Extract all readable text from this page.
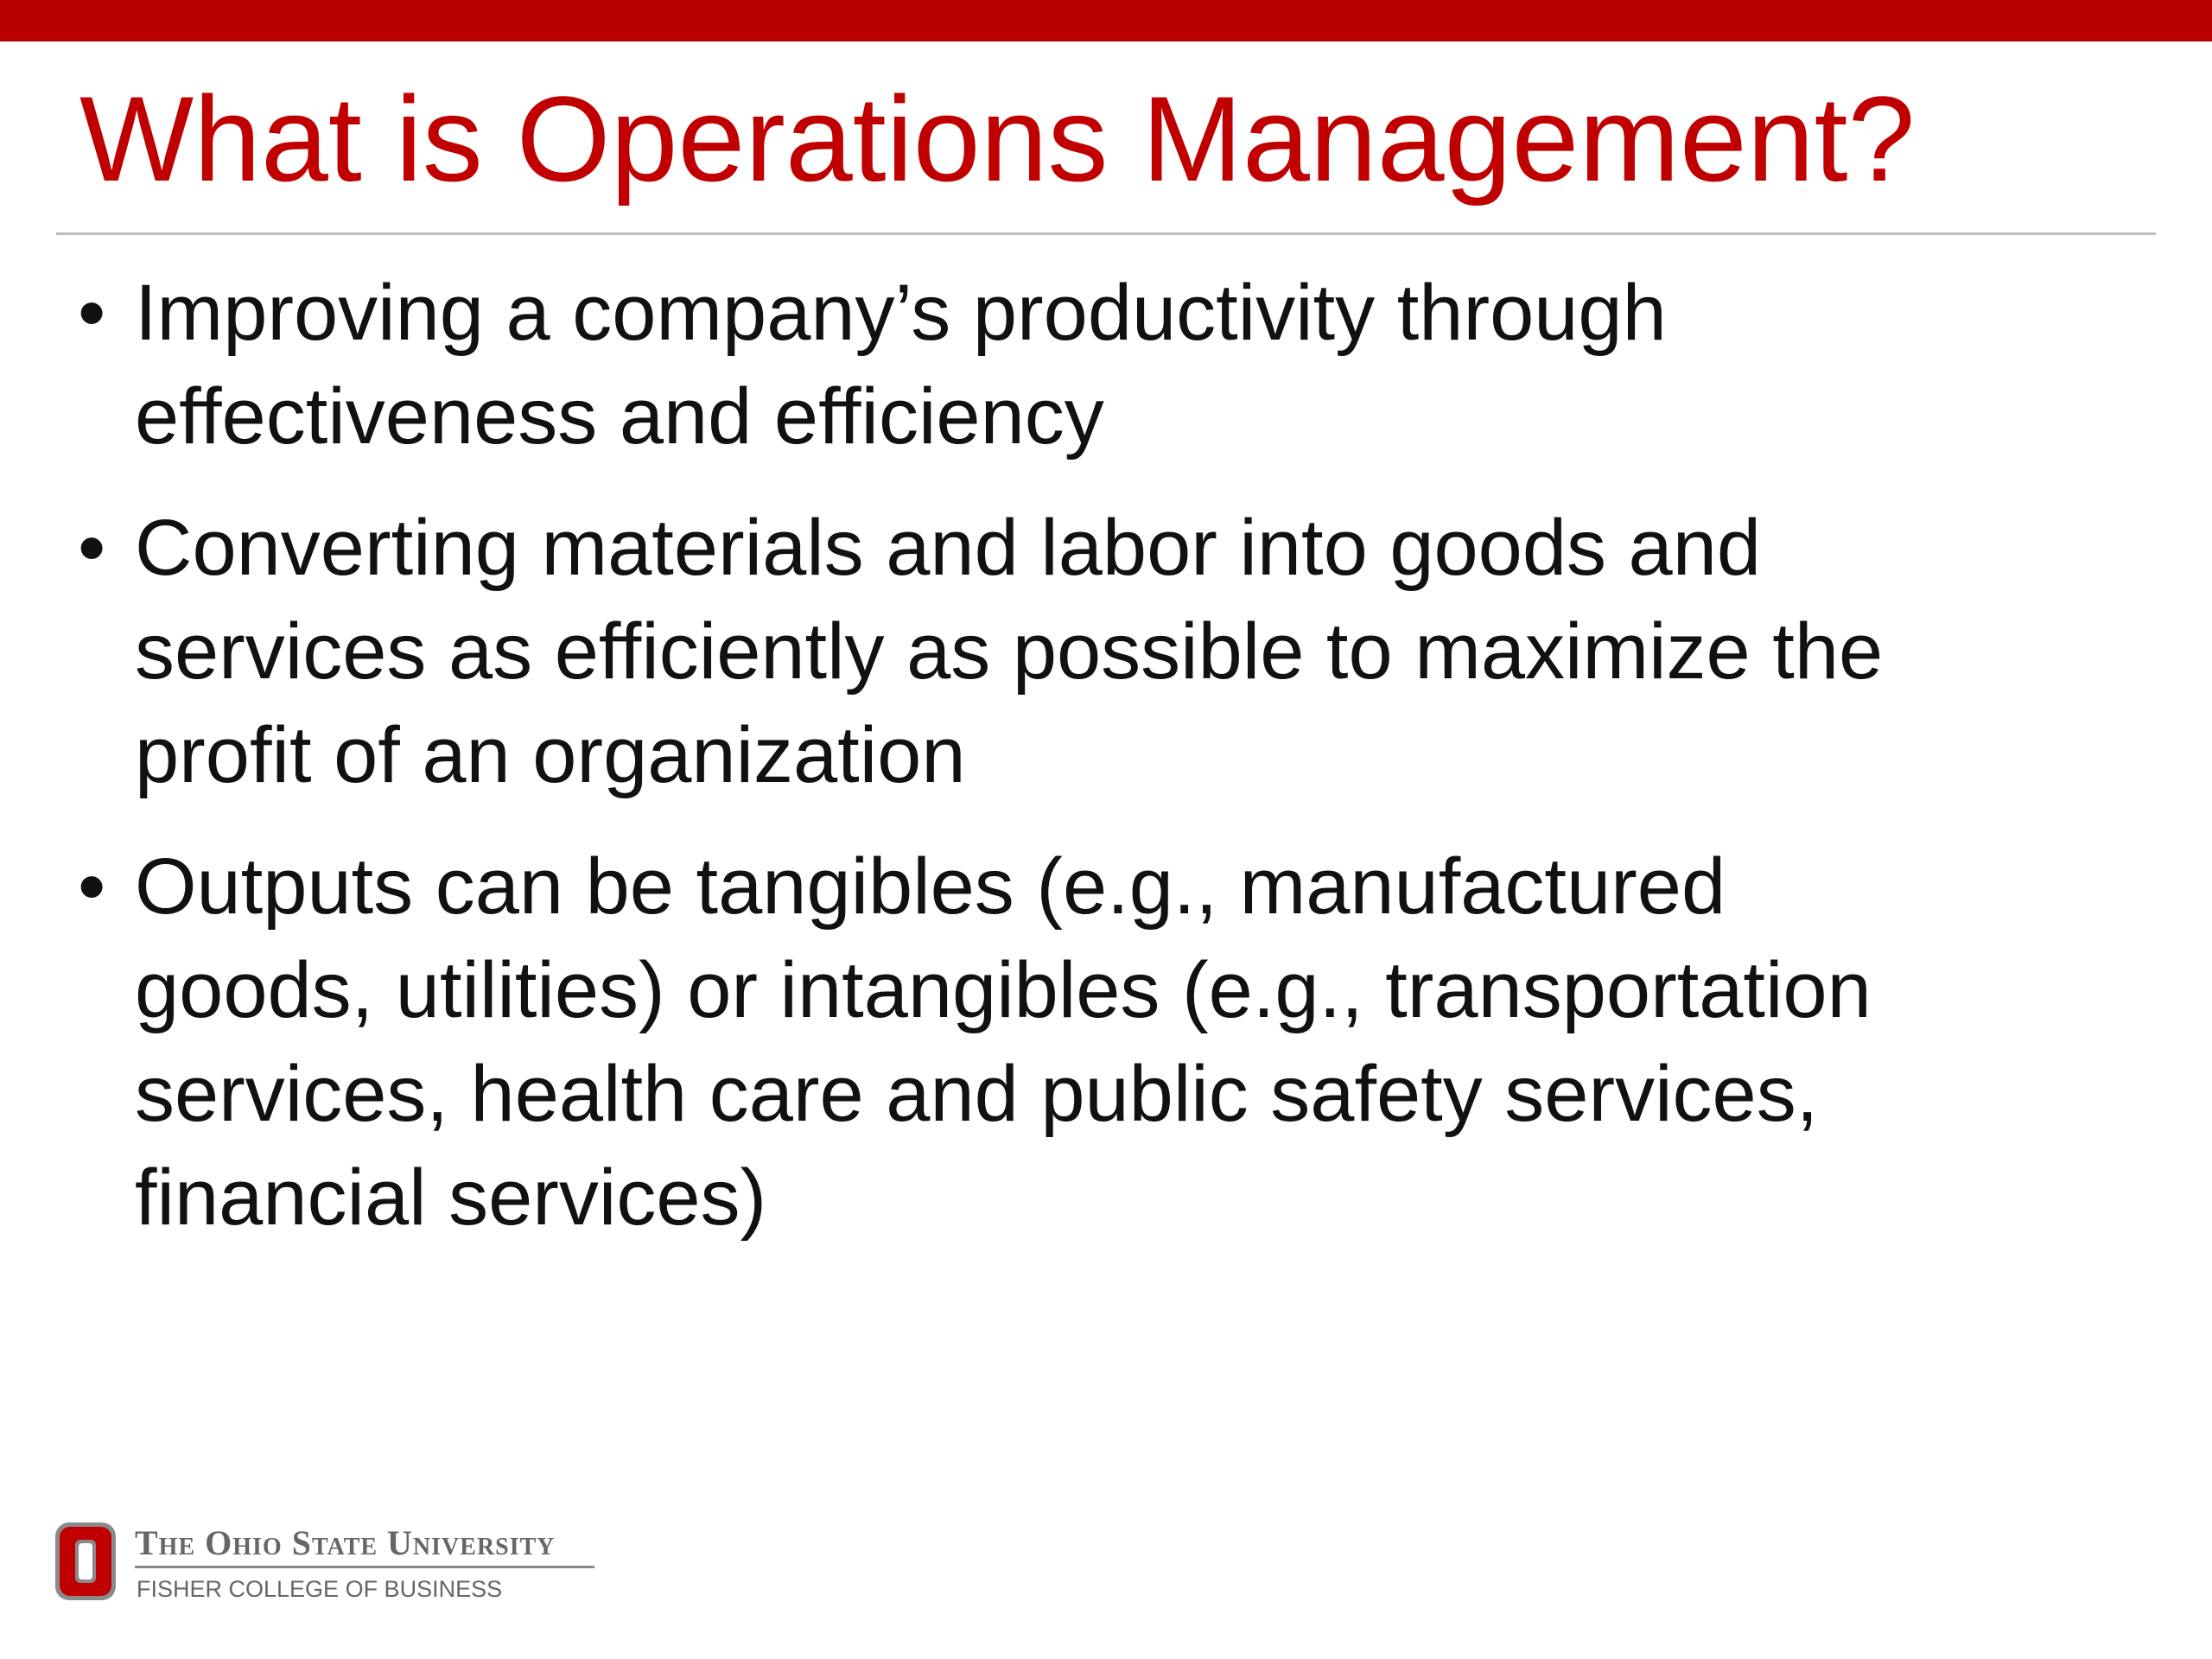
What is Operations Management?
• Improving a company’s productivity through
effectiveness and efficiency
• Converting materials and labor into goods and
services as efficiently as possible to maximize the
profit of an organization
• Outputs can be tangibles (e.g., manufactured
goods, utilities) or intangibles (e.g., transportation
services, health care and public safety services,
financial services)
The Ohio State University
FISHER COLLEGE OF BUSINESS
